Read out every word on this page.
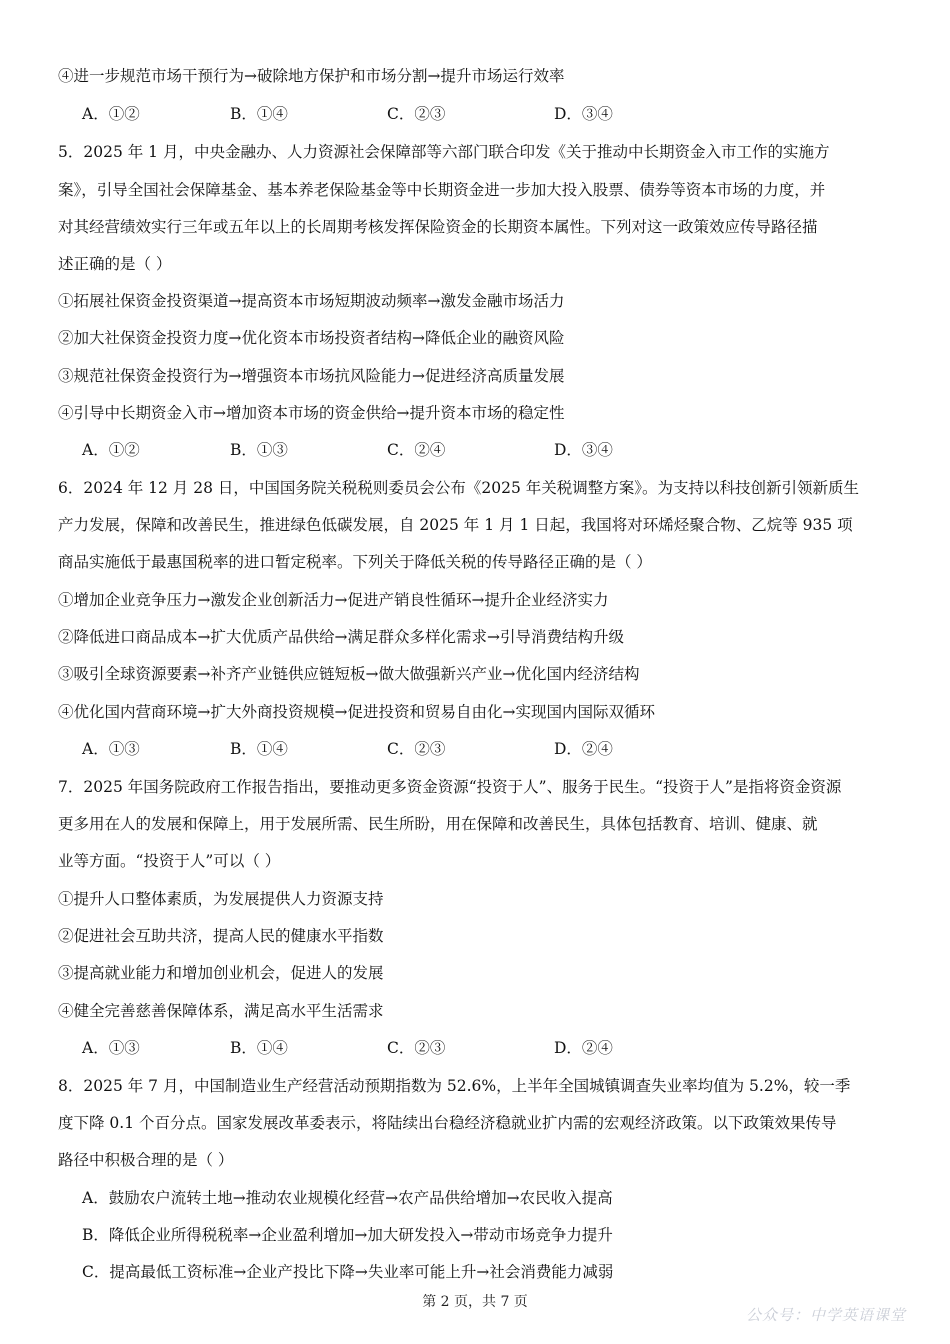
④进一步规范市场干预行为→破除地方保护和市场分割→提升市场运行效率
A．①②	B．①④	C．②③	D．③④
5．2025 年 1 月，中央金融办、人力资源社会保障部等六部门联合印发《关于推动中长期资金入市工作的实施方
案》，引导全国社会保障基金、基本养老保险基金等中长期资金进一步加大投入股票、债券等资本市场的力度，并
对其经营绩效实行三年或五年以上的长周期考核发挥保险资金的长期资本属性。下列对这一政策效应传导路径描
述正确的是（ ）
①拓展社保资金投资渠道→提高资本市场短期波动频率→激发金融市场活力
②加大社保资金投资力度→优化资本市场投资者结构→降低企业的融资风险
③规范社保资金投资行为→增强资本市场抗风险能力→促进经济高质量发展
④引导中长期资金入市→增加资本市场的资金供给→提升资本市场的稳定性
A．①②	B．①③	C．②④	D．③④
6．2024 年 12 月 28 日，中国国务院关税税则委员会公布《2025 年关税调整方案》。为支持以科技创新引领新质生
产力发展，保障和改善民生，推进绿色低碳发展，自 2025 年 1 月 1 日起，我国将对环烯烃聚合物、乙烷等 935 项
商品实施低于最惠国税率的进口暂定税率。下列关于降低关税的传导路径正确的是（ ）
①增加企业竞争压力→激发企业创新活力→促进产销良性循环→提升企业经济实力
②降低进口商品成本→扩大优质产品供给→满足群众多样化需求→引导消费结构升级
③吸引全球资源要素→补齐产业链供应链短板→做大做强新兴产业→优化国内经济结构
④优化国内营商环境→扩大外商投资规模→促进投资和贸易自由化→实现国内国际双循环
A．①③	B．①④	C．②③	D．②④
7．2025 年国务院政府工作报告指出，要推动更多资金资源“投资于人”、服务于民生。“投资于人”是指将资金资源
更多用在人的发展和保障上，用于发展所需、民生所盼，用在保障和改善民生，具体包括教育、培训、健康、就
业等方面。“投资于人”可以（ ）
①提升人口整体素质，为发展提供人力资源支持
②促进社会互助共济，提高人民的健康水平指数
③提高就业能力和增加创业机会，促进人的发展
④健全完善慈善保障体系，满足高水平生活需求
A．①③	B．①④	C．②③	D．②④
8．2025 年 7 月，中国制造业生产经营活动预期指数为 52.6%，上半年全国城镇调查失业率均值为 5.2%，较一季
度下降 0.1 个百分点。国家发展改革委表示，将陆续出台稳经济稳就业扩内需的宏观经济政策。以下政策效果传导
路径中积极合理的是（ ）
A．鼓励农户流转土地→推动农业规模化经营→农产品供给增加→农民收入提高
B．降低企业所得税税率→企业盈利增加→加大研发投入→带动市场竞争力提升
C．提高最低工资标准→企业产投比下降→失业率可能上升→社会消费能力减弱
第 2 页，共 7 页
公众号：中学英语课堂
